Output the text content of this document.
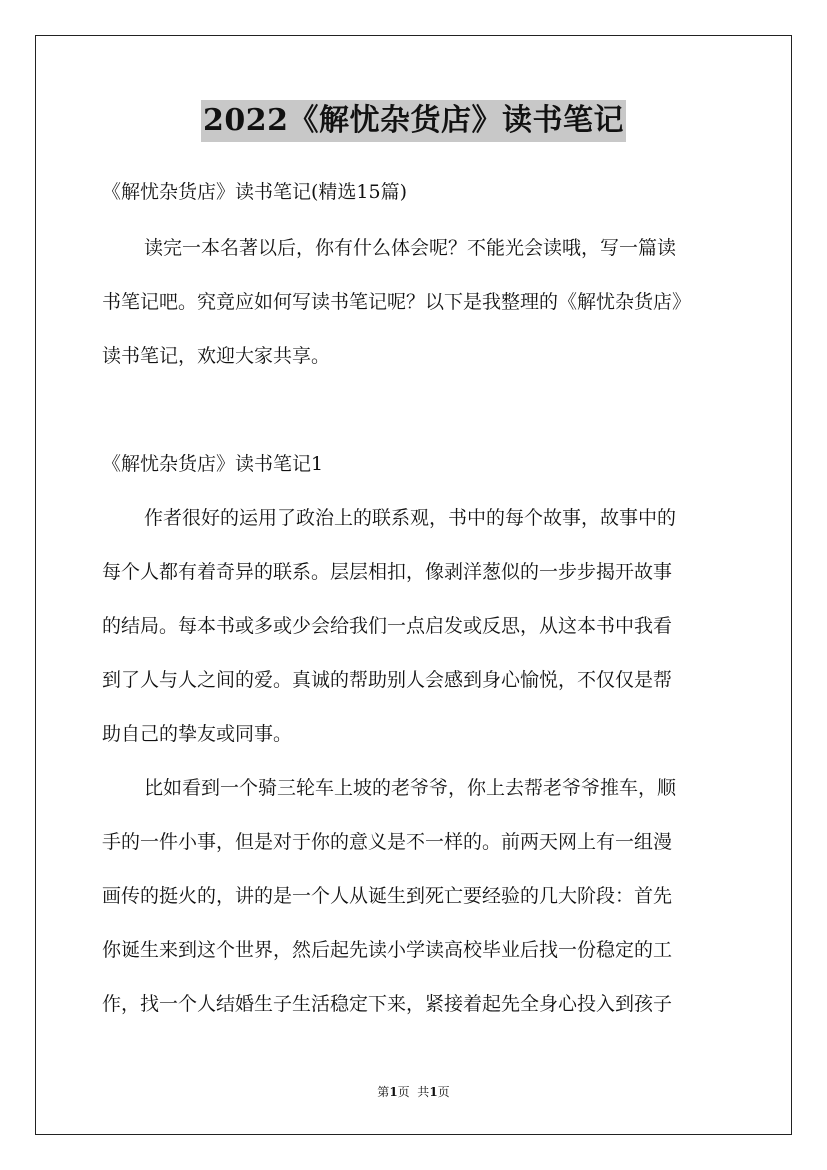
2022《解忧杂货店》读书笔记
《解忧杂货店》读书笔记(精选15篇)
读完一本名著以后，你有什么体会呢？不能光会读哦，写一篇读
书笔记吧。究竟应如何写读书笔记呢？以下是我整理的《解忧杂货店》
读书笔记，欢迎大家共享。
《解忧杂货店》读书笔记1
作者很好的运用了政治上的联系观，书中的每个故事，故事中的
每个人都有着奇异的联系。层层相扣，像剥洋葱似的一步步揭开故事
的结局。每本书或多或少会给我们一点启发或反思，从这本书中我看
到了人与人之间的爱。真诚的帮助别人会感到身心愉悦，不仅仅是帮
助自己的挚友或同事。
比如看到一个骑三轮车上坡的老爷爷，你上去帮老爷爷推车，顺
手的一件小事，但是对于你的意义是不一样的。前两天网上有一组漫
画传的挺火的，讲的是一个人从诞生到死亡要经验的几大阶段：首先
你诞生来到这个世界，然后起先读小学读高校毕业后找一份稳定的工
作，找一个人结婚生子生活稳定下来，紧接着起先全身心投入到孩子
第1页  共1页
